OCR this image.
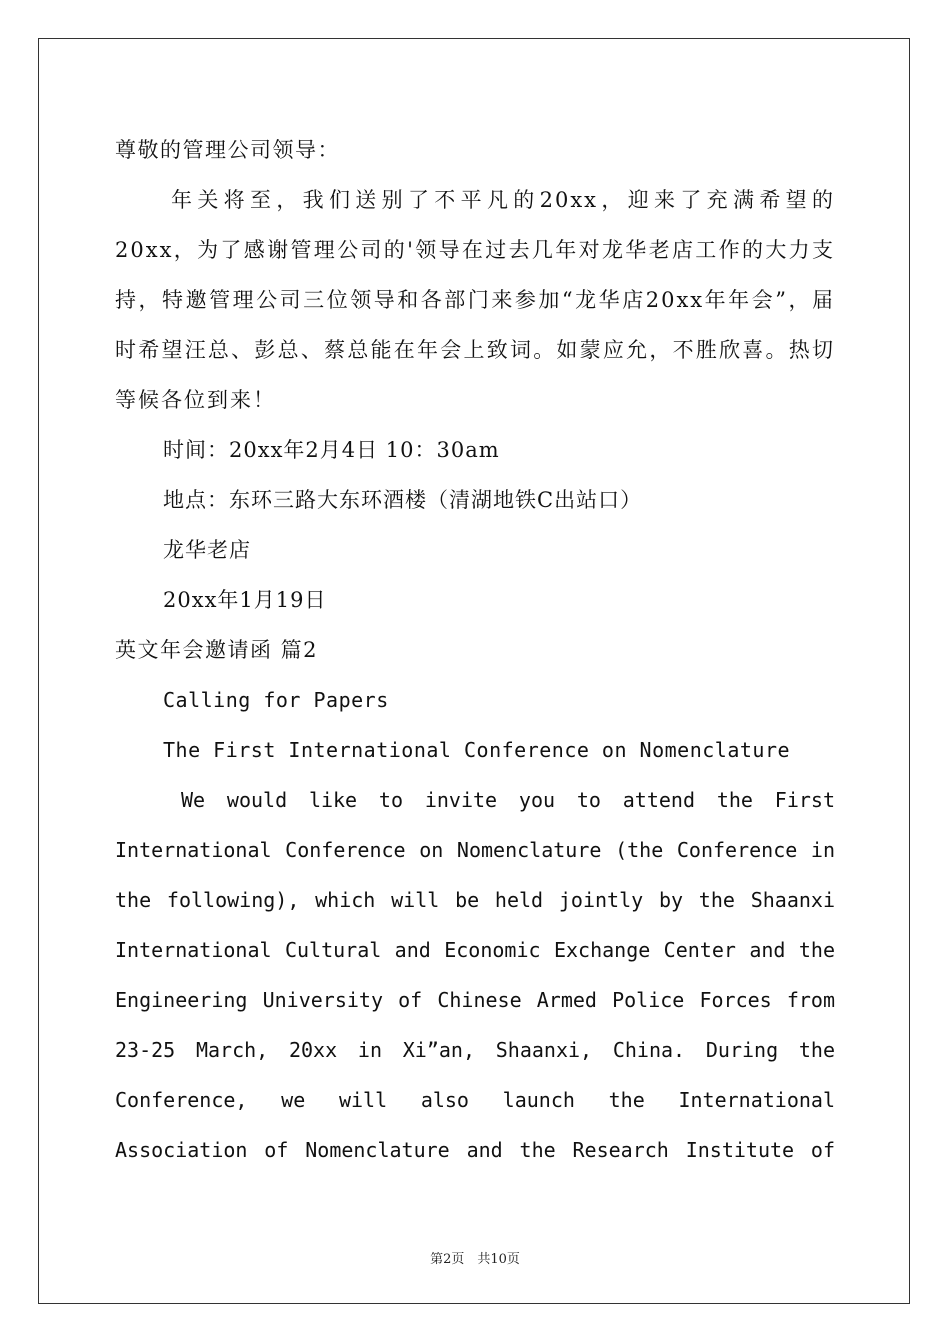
尊敬的管理公司领导：

年关将至，我们送别了不平凡的20xx，迎来了充满希望的20xx，为了感谢管理公司的'领导在过去几年对龙华老店工作的大力支持，特邀管理公司三位领导和各部门来参加“龙华店20xx年年会”，届时希望汪总、彭总、蔡总能在年会上致词。如蒙应允，不胜欣喜。热切等候各位到来！

时间：20xx年2月4日 10：30am

地点：东环三路大东环酒楼（清湖地铁C出站口）

龙华老店

20xx年1月19日

英文年会邀请函 篇2

Calling for Papers

The First International Conference on Nomenclature

We would like to invite you to attend the First

International Conference on Nomenclature (the Conference in

the following), which will be held jointly by the Shaanxi

International Cultural and Economic Exchange Center and the

Engineering University of Chinese Armed Police Forces from

23-25 March, 20xx in Xi”an, Shaanxi, China. During the

Conference, we will also launch the International

Association of Nomenclature and the Research Institute of

第2页　共10页
